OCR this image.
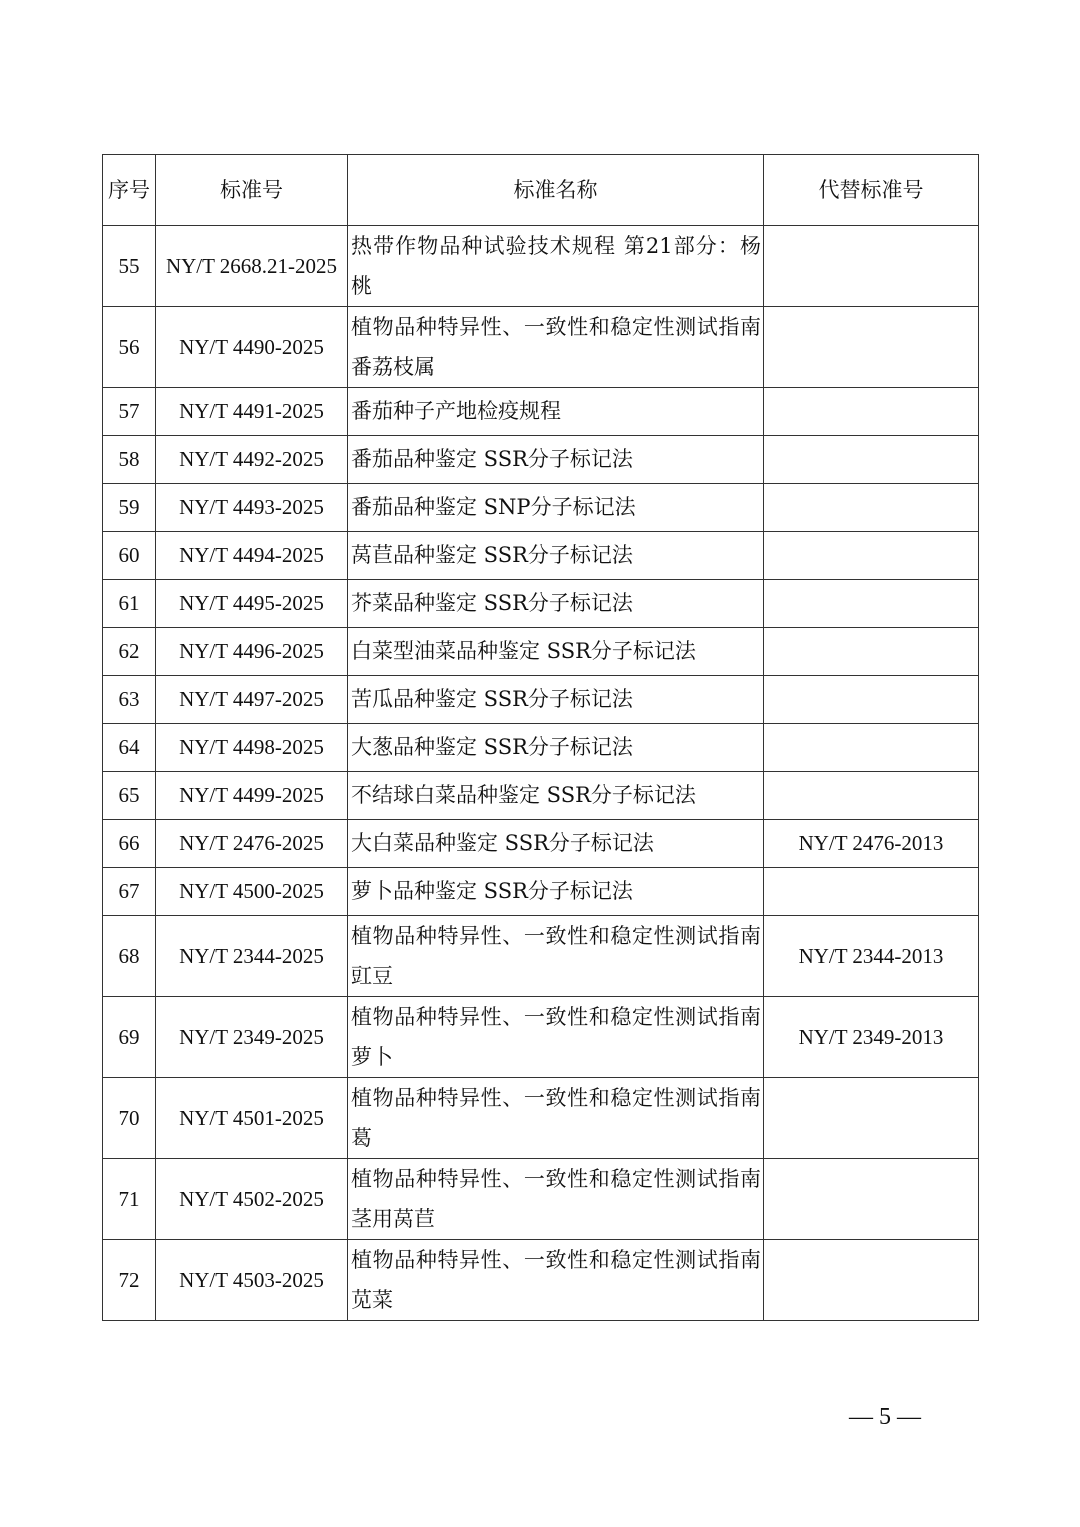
序号	标准号	标准名称	代替标准号
55	NY/T 2668.21-2025	热带作物品种试验技术规程 第21部分：杨桃	
56	NY/T 4490-2025	植物品种特异性、一致性和稳定性测试指南 番荔枝属	
57	NY/T 4491-2025	番茄种子产地检疫规程	
58	NY/T 4492-2025	番茄品种鉴定 SSR分子标记法	
59	NY/T 4493-2025	番茄品种鉴定 SNP分子标记法	
60	NY/T 4494-2025	莴苣品种鉴定 SSR分子标记法	
61	NY/T 4495-2025	芥菜品种鉴定 SSR分子标记法	
62	NY/T 4496-2025	白菜型油菜品种鉴定 SSR分子标记法	
63	NY/T 4497-2025	苦瓜品种鉴定 SSR分子标记法	
64	NY/T 4498-2025	大葱品种鉴定 SSR分子标记法	
65	NY/T 4499-2025	不结球白菜品种鉴定 SSR分子标记法	
66	NY/T 2476-2025	大白菜品种鉴定 SSR分子标记法	NY/T 2476-2013
67	NY/T 4500-2025	萝卜品种鉴定 SSR分子标记法	
68	NY/T 2344-2025	植物品种特异性、一致性和稳定性测试指南 豇豆	NY/T 2344-2013
69	NY/T 2349-2025	植物品种特异性、一致性和稳定性测试指南 萝卜	NY/T 2349-2013
70	NY/T 4501-2025	植物品种特异性、一致性和稳定性测试指南 葛	
71	NY/T 4502-2025	植物品种特异性、一致性和稳定性测试指南 茎用莴苣	
72	NY/T 4503-2025	植物品种特异性、一致性和稳定性测试指南 苋菜	
— 5 —
